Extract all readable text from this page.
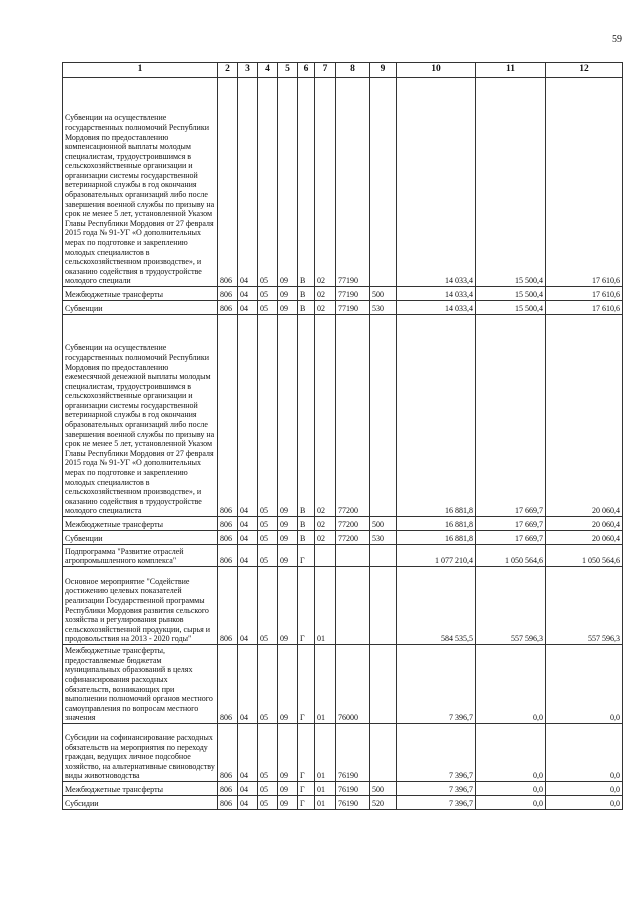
59
1	2	3	4	5	6	7	8	9	10	11	12
Субвенции на осуществление государственных полномочий Республики Мордовия по предоставлению компенсационной выплаты молодым специалистам, трудоустроившимся в сельскохозяйственные организации и организации системы государственной ветеринарной службы в год окончания образовательных организаций либо после завершения военной службы по призыву на срок не менее 5 лет, установленной Указом Главы Республики Мордовия от 27 февраля 2015 года № 91-УГ «О дополнительных мерах по подготовке и закреплению молодых специалистов в сельскохозяйственном производстве», и оказанию содействия в трудоустройстве молодого специали	806	04	05	09	В	02	77190		14 033,4	15 500,4	17 610,6
Межбюджетные трансферты	806	04	05	09	В	02	77190	500	14 033,4	15 500,4	17 610,6
Субвенции	806	04	05	09	В	02	77190	530	14 033,4	15 500,4	17 610,6
Субвенции на осуществление государственных полномочий Республики Мордовия по предоставлению ежемесячной денежной выплаты молодым специалистам, трудоустроившимся в сельскохозяйственные организации и организации системы государственной ветеринарной службы в год окончания образовательных организаций либо после завершения военной службы по призыву на срок не менее 5 лет, установленной Указом Главы Республики Мордовия от 27 февраля 2015 года № 91-УГ «О дополнительных мерах по подготовке и закреплению молодых специалистов в сельскохозяйственном производстве», и оказанию содействия в трудоустройстве молодого специалиста	806	04	05	09	В	02	77200		16 881,8	17 669,7	20 060,4
Межбюджетные трансферты	806	04	05	09	В	02	77200	500	16 881,8	17 669,7	20 060,4
Субвенции	806	04	05	09	В	02	77200	530	16 881,8	17 669,7	20 060,4
Подпрограмма "Развитие отраслей агропромышленного комплекса"	806	04	05	09	Г				1 077 210,4	1 050 564,6	1 050 564,6
Основное мероприятие "Содействие достижению целевых показателей реализации Государственной программы Республики Мордовия развития сельского хозяйства и регулирования рынков сельскохозяйственной продукции, сырья и продовольствия на 2013 - 2020 годы"	806	04	05	09	Г	01			584 535,5	557 596,3	557 596,3
Межбюджетные трансферты, предоставляемые бюджетам муниципальных образований в целях софинансирования расходных обязательств, возникающих при выполнении полномочий органов местного самоуправления по вопросам местного значения	806	04	05	09	Г	01	76000		7 396,7	0,0	0,0
Субсидии на софинансирование расходных обязательств на мероприятия по переходу граждан, ведущих личное подсобное хозяйство, на альтернативные свиноводству виды животноводства	806	04	05	09	Г	01	76190		7 396,7	0,0	0,0
Межбюджетные трансферты	806	04	05	09	Г	01	76190	500	7 396,7	0,0	0,0
Субсидии	806	04	05	09	Г	01	76190	520	7 396,7	0,0	0,0
